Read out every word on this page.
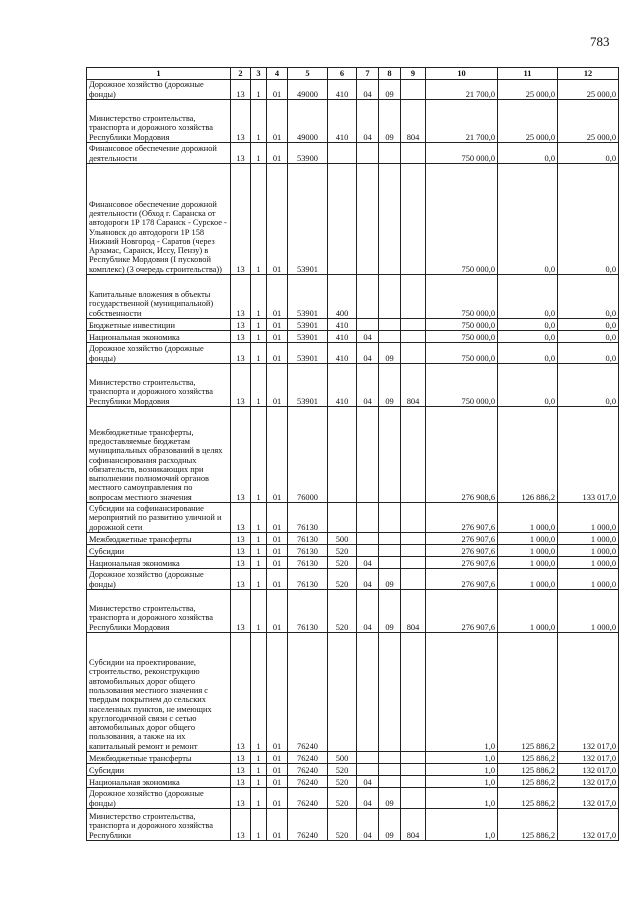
783
1	2	3	4	5	6	7	8	9	10	11	12
Дорожное хозяйство (дорожные фонды)	13	1	01	49000	410	04	09		21 700,0	25 000,0	25 000,0
Министерство строительства, транспорта и дорожного хозяйства Республики Мордовия	13	1	01	49000	410	04	09	804	21 700,0	25 000,0	25 000,0
Финансовое обеспечение дорожной деятельности	13	1	01	53900					750 000,0	0,0	0,0
Финансовое обеспечение дорожной деятельности (Обход г. Саранска от автодороги 1Р 178 Саранск - Сурское - Ульяновск до автодороги 1Р 158 Нижний Новгород - Саратов (через Арзамас, Саранск, Иссу, Пензу) в Республике Мордовия (I пусковой комплекс) (3 очередь строительства))	13	1	01	53901					750 000,0	0,0	0,0
Капитальные вложения в объекты государственной (муниципальной) собственности	13	1	01	53901	400				750 000,0	0,0	0,0
Бюджетные инвестиции	13	1	01	53901	410				750 000,0	0,0	0,0
Национальная экономика	13	1	01	53901	410	04			750 000,0	0,0	0,0
Дорожное хозяйство (дорожные фонды)	13	1	01	53901	410	04	09		750 000,0	0,0	0,0
Министерство строительства, транспорта и дорожного хозяйства Республики Мордовия	13	1	01	53901	410	04	09	804	750 000,0	0,0	0,0
Межбюджетные трансферты, предоставляемые бюджетам муниципальных образований в целях софинансирования расходных обязательств, возникающих при выполнении полномочий органов местного самоуправления по вопросам местного значения	13	1	01	76000					276 908,6	126 886,2	133 017,0
Субсидии на софинансирование мероприятий по развитию уличной и дорожной сети	13	1	01	76130					276 907,6	1 000,0	1 000,0
Межбюджетные трансферты	13	1	01	76130	500				276 907,6	1 000,0	1 000,0
Субсидии	13	1	01	76130	520				276 907,6	1 000,0	1 000,0
Национальная экономика	13	1	01	76130	520	04			276 907,6	1 000,0	1 000,0
Дорожное хозяйство (дорожные фонды)	13	1	01	76130	520	04	09		276 907,6	1 000,0	1 000,0
Министерство строительства, транспорта и дорожного хозяйства Республики Мордовия	13	1	01	76130	520	04	09	804	276 907,6	1 000,0	1 000,0
Субсидии на проектирование, строительство, реконструкцию автомобильных дорог общего пользования местного значения с твердым покрытием до сельских населенных пунктов, не имеющих круглогодичной связи с сетью автомобильных дорог общего пользования, а также на их капитальный ремонт и ремонт	13	1	01	76240					1,0	125 886,2	132 017,0
Межбюджетные трансферты	13	1	01	76240	500				1,0	125 886,2	132 017,0
Субсидии	13	1	01	76240	520				1,0	125 886,2	132 017,0
Национальная экономика	13	1	01	76240	520	04			1,0	125 886,2	132 017,0
Дорожное хозяйство (дорожные фонды)	13	1	01	76240	520	04	09		1,0	125 886,2	132 017,0
Министерство строительства, транспорта и дорожного хозяйства Республики	13	1	01	76240	520	04	09	804	1,0	125 886,2	132 017,0
